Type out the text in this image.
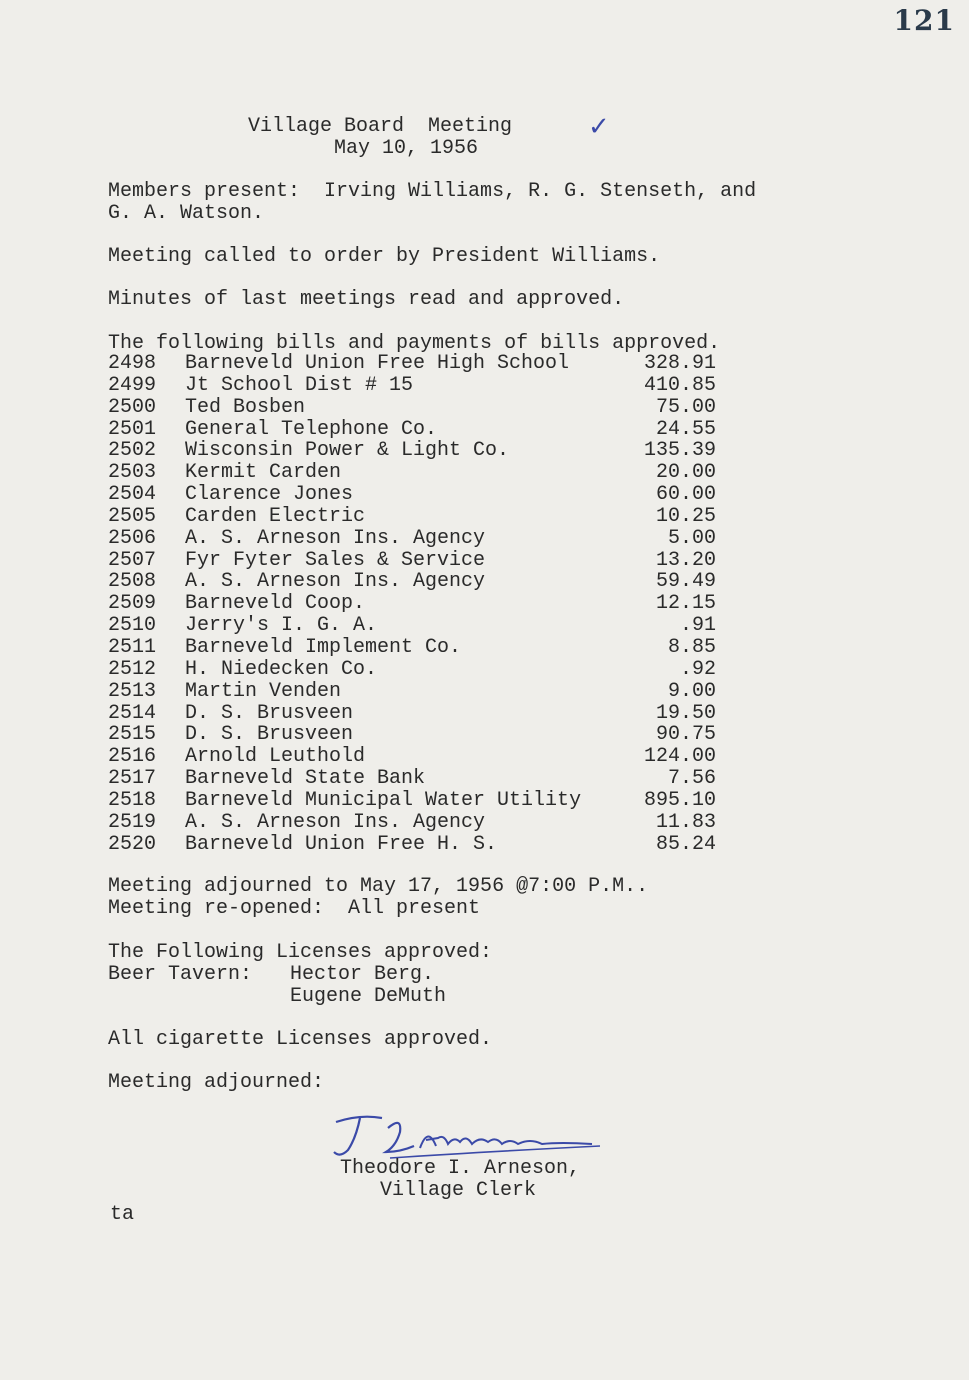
121
Village Board  Meeting	✓
May 10, 1956
Members present:  Irving Williams, R. G. Stenseth, and
G. A. Watson.
Meeting called to order by President Williams.
Minutes of last meetings read and approved.
The following bills and payments of bills approved.
2498 Barneveld Union Free High School	328.91
2499 Jt School Dist # 15	410.85
2500 Ted Bosben	75.00
2501 General Telephone Co.	24.55
2502 Wisconsin Power & Light Co.	135.39
2503 Kermit Carden	20.00
2504 Clarence Jones	60.00
2505 Carden Electric	10.25
2506 A. S. Arneson Ins. Agency	5.00
2507 Fyr Fyter Sales & Service	13.20
2508 A. S. Arneson Ins. Agency	59.49
2509 Barneveld Coop.	12.15
2510 Jerry's I. G. A.	.91
2511 Barneveld Implement Co.	8.85
2512 H. Niedecken Co.	.92
2513 Martin Venden	9.00
2514 D. S. Brusveen	19.50
2515 D. S. Brusveen	90.75
2516 Arnold Leuthold	124.00
2517 Barneveld State Bank	7.56
2518 Barneveld Municipal Water Utility	895.10
2519 A. S. Arneson Ins. Agency	11.83
2520 Barneveld Union Free H. S.	85.24
Meeting adjourned to May 17, 1956 @7:00 P.M..
Meeting re-opened:  All present
The Following Licenses approved:
Beer Tavern: Hector Berg.
Eugene DeMuth
All cigarette Licenses approved.
Meeting adjourned:
Theodore I. Arneson,
Village Clerk
ta
